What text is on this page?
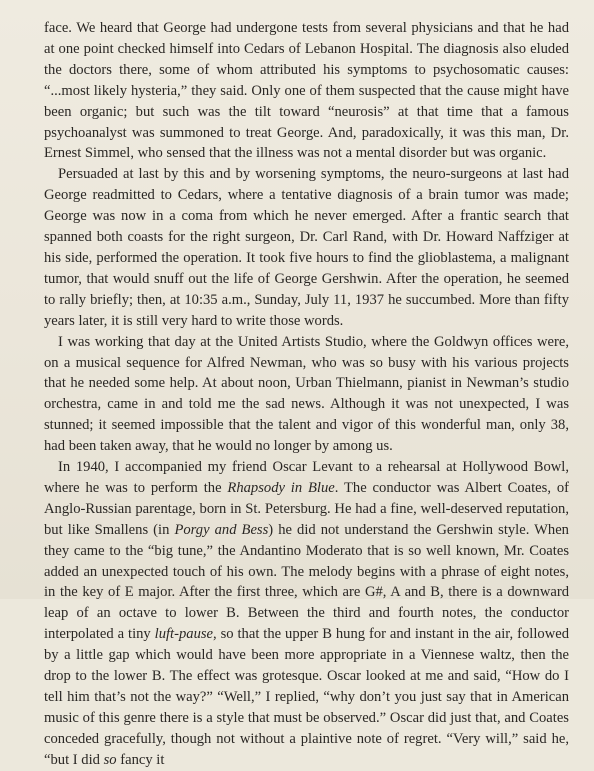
face. We heard that George had undergone tests from several physicians and that he had at one point checked himself into Cedars of Lebanon Hospital. The diagnosis also eluded the doctors there, some of whom attributed his symptoms to psychosomatic causes: “...most likely hysteria,” they said. Only one of them suspected that the cause might have been organic; but such was the tilt toward “neurosis” at that time that a famous psychoanalyst was summoned to treat George. And, paradoxically, it was this man, Dr. Ernest Simmel, who sensed that the illness was not a mental disorder but was organic.

Persuaded at last by this and by worsening symptoms, the neuro-surgeons at last had George readmitted to Cedars, where a tentative diagnosis of a brain tumor was made; George was now in a coma from which he never emerged. After a frantic search that spanned both coasts for the right surgeon, Dr. Carl Rand, with Dr. Howard Naffziger at his side, performed the operation. It took five hours to find the glioblastema, a malignant tumor, that would snuff out the life of George Gershwin. After the operation, he seemed to rally briefly; then, at 10:35 a.m., Sunday, July 11, 1937 he succumbed. More than fifty years later, it is still very hard to write those words.

I was working that day at the United Artists Studio, where the Goldwyn offices were, on a musical sequence for Alfred Newman, who was so busy with his various projects that he needed some help. At about noon, Urban Thielmann, pianist in Newman’s studio orchestra, came in and told me the sad news. Although it was not unexpected, I was stunned; it seemed impossible that the talent and vigor of this wonderful man, only 38, had been taken away, that he would no longer by among us.

In 1940, I accompanied my friend Oscar Levant to a rehearsal at Hollywood Bowl, where he was to perform the Rhapsody in Blue. The conductor was Albert Coates, of Anglo-Russian parentage, born in St. Petersburg. He had a fine, well-deserved reputation, but like Smallens (in Porgy and Bess) he did not understand the Gershwin style. When they came to the “big tune,” the Andantino Moderato that is so well known, Mr. Coates added an unexpected touch of his own. The melody begins with a phrase of eight notes, in the key of E major. After the first three, which are G#, A and B, there is a downward leap of an octave to lower B. Between the third and fourth notes, the conductor interpolated a tiny luft-pause, so that the upper B hung for and instant in the air, followed by a little gap which would have been more appropriate in a Viennese waltz, then the drop to the lower B. The effect was grotesque. Oscar looked at me and said, “How do I tell him that’s not the way?” “Well,” I replied, “why don’t you just say that in American music of this genre there is a style that must be observed.” Oscar did just that, and Coates conceded gracefully, though not without a plaintive note of regret. “Very will,” said he, “but I did so fancy it
